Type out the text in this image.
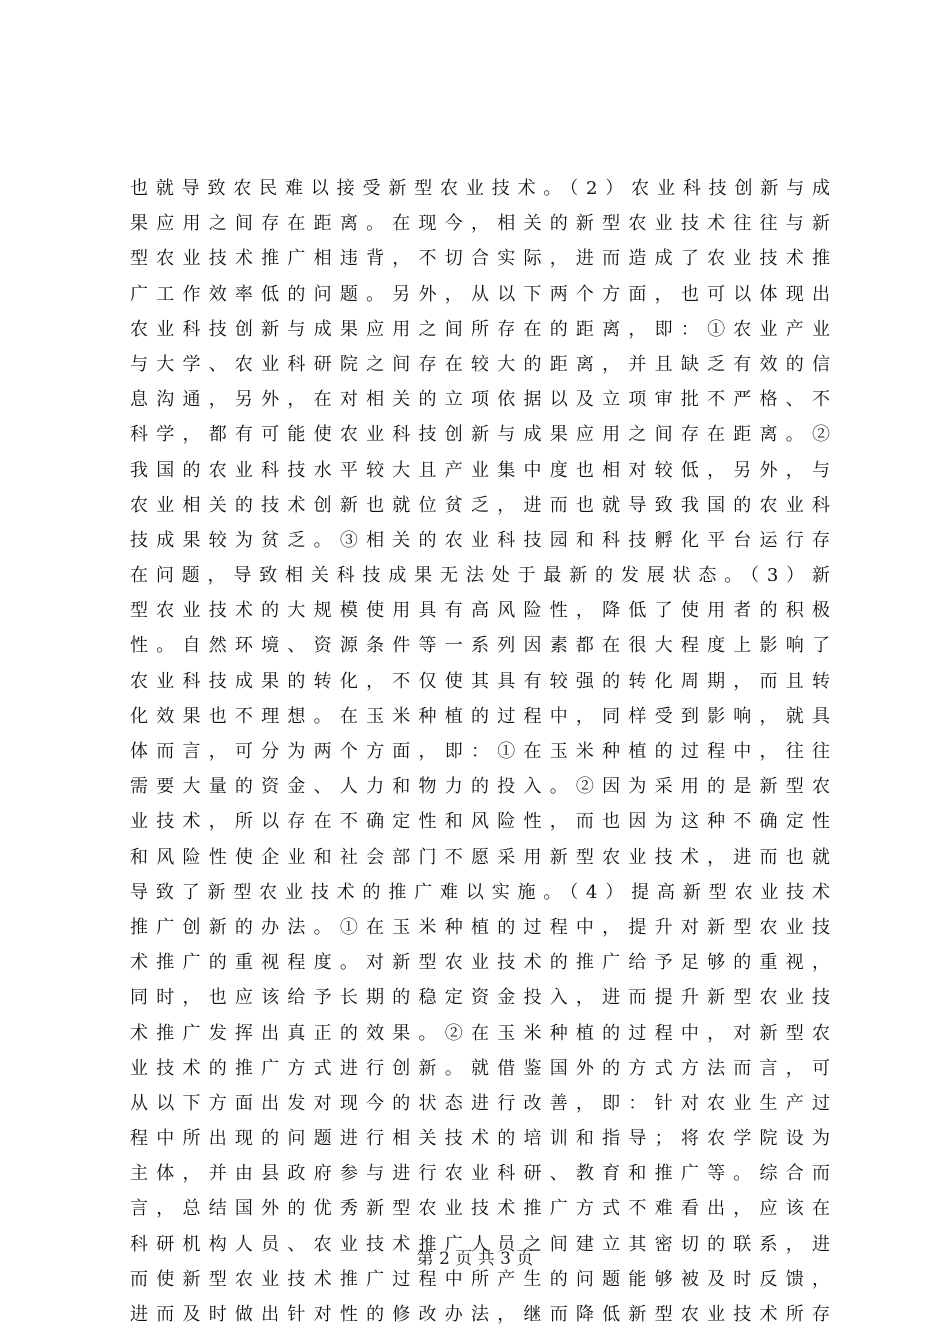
也就导致农民难以接受新型农业技术。（2）农业科技创新与成
果应用之间存在距离。在现今，相关的新型农业技术往往与新
型农业技术推广相违背，不切合实际，进而造成了农业技术推
广工作效率低的问题。另外，从以下两个方面，也可以体现出
农业科技创新与成果应用之间所存在的距离，即：①农业产业
与大学、农业科研院之间存在较大的距离，并且缺乏有效的信
息沟通，另外，在对相关的立项依据以及立项审批不严格、不
科学，都有可能使农业科技创新与成果应用之间存在距离。②
我国的农业科技水平较大且产业集中度也相对较低，另外，与
农业相关的技术创新也就位贫乏，进而也就导致我国的农业科
技成果较为贫乏。③相关的农业科技园和科技孵化平台运行存
在问题，导致相关科技成果无法处于最新的发展状态。（3）新
型农业技术的大规模使用具有高风险性，降低了使用者的积极
性。自然环境、资源条件等一系列因素都在很大程度上影响了
农业科技成果的转化，不仅使其具有较强的转化周期，而且转
化效果也不理想。在玉米种植的过程中，同样受到影响，就具
体而言，可分为两个方面，即：①在玉米种植的过程中，往往
需要大量的资金、人力和物力的投入。②因为采用的是新型农
业技术，所以存在不确定性和风险性，而也因为这种不确定性
和风险性使企业和社会部门不愿采用新型农业技术，进而也就
导致了新型农业技术的推广难以实施。（4）提高新型农业技术
推广创新的办法。①在玉米种植的过程中，提升对新型农业技
术推广的重视程度。对新型农业技术的推广给予足够的重视，
同时，也应该给予长期的稳定资金投入，进而提升新型农业技
术推广发挥出真正的效果。②在玉米种植的过程中，对新型农
业技术的推广方式进行创新。就借鉴国外的方式方法而言，可
从以下方面出发对现今的状态进行改善，即：针对农业生产过
程中所出现的问题进行相关技术的培训和指导；将农学院设为
主体，并由县政府参与进行农业科研、教育和推广等。综合而
言，总结国外的优秀新型农业技术推广方式不难看出，应该在
科研机构人员、农业技术推广人员之间建立其密切的联系，进
而使新型农业技术推广过程中所产生的问题能够被及时反馈，
进而及时做出针对性的修改办法，继而降低新型农业技术所存
第 2 页 共 3 页
